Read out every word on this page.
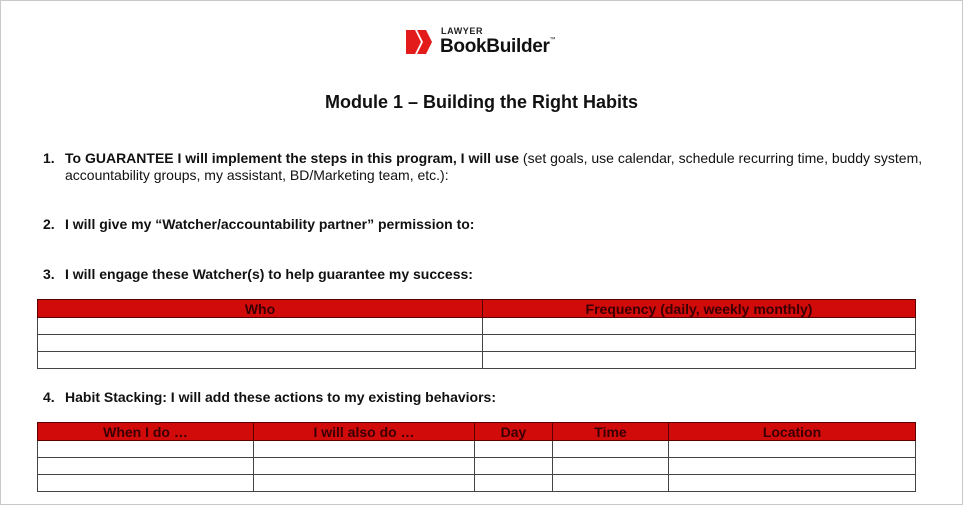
LAWYER
BookBuilder™
Module 1 – Building the Right Habits
1. To GUARANTEE I will implement the steps in this program, I will use (set goals, use calendar, schedule recurring time, buddy system, accountability groups, my assistant, BD/Marketing team, etc.):
2. I will give my “Watcher/accountability partner” permission to:
3. I will engage these Watcher(s) to help guarantee my success:
Who	Frequency (daily, weekly monthly)

4. Habit Stacking: I will add these actions to my existing behaviors:
When I do …	I will also do …	Day	Time	Location
